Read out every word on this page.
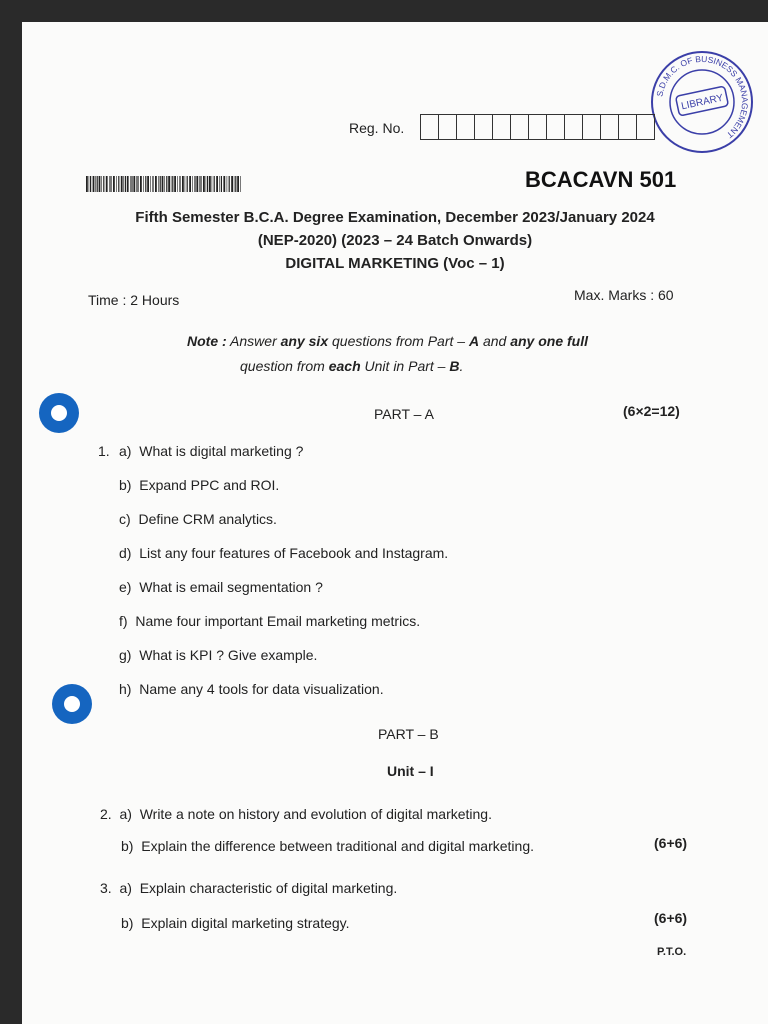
LIBRARY
S.D.M.C. OF BUSINESS MANAGEMENT
Reg. No.
BCACAVN 501
Fifth Semester B.C.A. Degree Examination, December 2023/January 2024
(NEP-2020) (2023 – 24 Batch Onwards)
DIGITAL MARKETING (Voc – 1)
Time : 2 Hours	Max. Marks : 60
Note : Answer any six questions from Part – A and any one full
question from each Unit in Part – B.
PART – A	(6×2=12)
1. a) What is digital marketing ?
b) Expand PPC and ROI.
c) Define CRM analytics.
d) List any four features of Facebook and Instagram.
e) What is email segmentation ?
f) Name four important Email marketing metrics.
g) What is KPI ? Give example.
h) Name any 4 tools for data visualization.
PART – B
Unit – I
2. a) Write a note on history and evolution of digital marketing.
b) Explain the difference between traditional and digital marketing.	(6+6)
3. a) Explain characteristic of digital marketing.
b) Explain digital marketing strategy.	(6+6)
P.T.O.
